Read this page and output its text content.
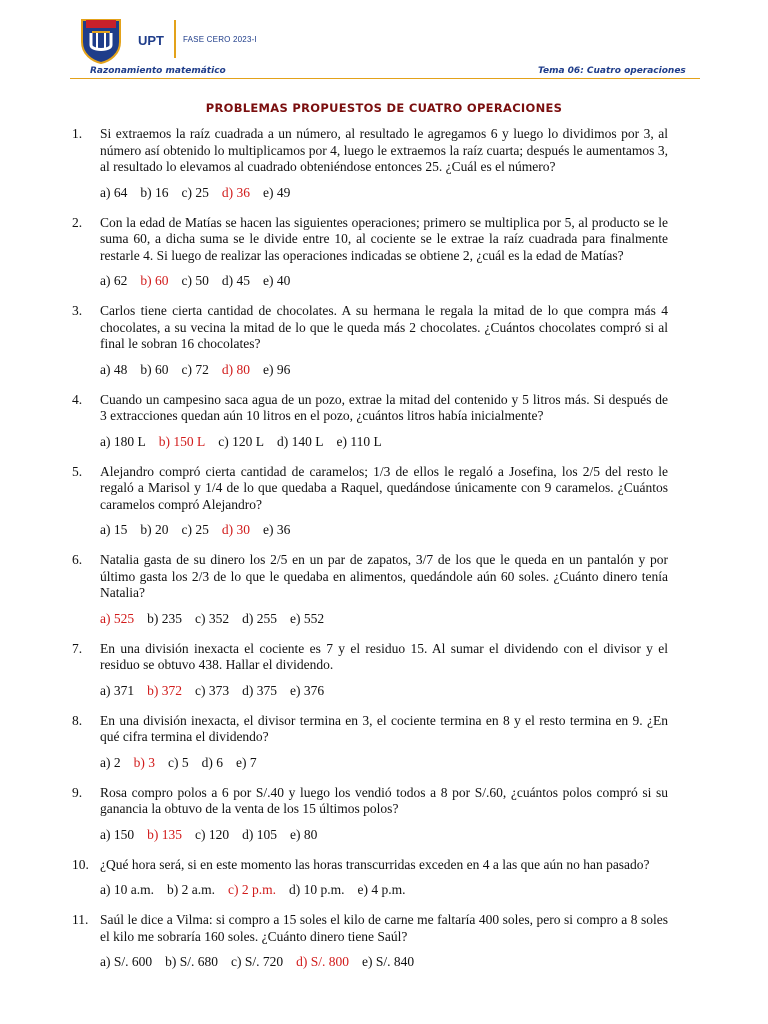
UPT FASE CERO 2023-I
Razonamiento matemático	Tema 06: Cuatro operaciones
PROBLEMAS PROPUESTOS DE CUATRO OPERACIONES
1. Si extraemos la raíz cuadrada a un número, al resultado le agregamos 6 y luego lo dividimos por 3, al número así obtenido lo multiplicamos por 4, luego le extraemos la raíz cuarta; después le aumentamos 3, al resultado lo elevamos al cuadrado obteniéndose entonces 25. ¿Cuál es el número?
a) 64 b) 16 c) 25 d) 36 e) 49
2. Con la edad de Matías se hacen las siguientes operaciones; primero se multiplica por 5, al producto se le suma 60, a dicha suma se le divide entre 10, al cociente se le extrae la raíz cuadrada para finalmente restarle 4. Si luego de realizar las operaciones indicadas se obtiene 2, ¿cuál es la edad de Matías?
a) 62 b) 60 c) 50 d) 45 e) 40
3. Carlos tiene cierta cantidad de chocolates. A su hermana le regala la mitad de lo que compra más 4 chocolates, a su vecina la mitad de lo que le queda más 2 chocolates. ¿Cuántos chocolates compró si al final le sobran 16 chocolates?
a) 48 b) 60 c) 72 d) 80 e) 96
4. Cuando un campesino saca agua de un pozo, extrae la mitad del contenido y 5 litros más. Si después de 3 extracciones quedan aún 10 litros en el pozo, ¿cuántos litros había inicialmente?
a) 180 L b) 150 L c) 120 L d) 140 L e) 110 L
5. Alejandro compró cierta cantidad de caramelos; 1/3 de ellos le regaló a Josefina, los 2/5 del resto le regaló a Marisol y 1/4 de lo que quedaba a Raquel, quedándose únicamente con 9 caramelos. ¿Cuántos caramelos compró Alejandro?
a) 15 b) 20 c) 25 d) 30 e) 36
6. Natalia gasta de su dinero los 2/5 en un par de zapatos, 3/7 de los que le queda en un pantalón y por último gasta los 2/3 de lo que le quedaba en alimentos, quedándole aún 60 soles. ¿Cuánto dinero tenía Natalia?
a) 525 b) 235 c) 352 d) 255 e) 552
7. En una división inexacta el cociente es 7 y el residuo 15. Al sumar el dividendo con el divisor y el residuo se obtuvo 438. Hallar el dividendo.
a) 371 b) 372 c) 373 d) 375 e) 376
8. En una división inexacta, el divisor termina en 3, el cociente termina en 8 y el resto termina en 9. ¿En qué cifra termina el dividendo?
a) 2 b) 3 c) 5 d) 6 e) 7
9. Rosa compro polos a 6 por S/.40 y luego los vendió todos a 8 por S/.60, ¿cuántos polos compró si su ganancia la obtuvo de la venta de los 15 últimos polos?
a) 150 b) 135 c) 120 d) 105 e) 80
10. ¿Qué hora será, si en este momento las horas transcurridas exceden en 4 a las que aún no han pasado?
a) 10 a.m. b) 2 a.m. c) 2 p.m. d) 10 p.m. e) 4 p.m.
11. Saúl le dice a Vilma: si compro a 15 soles el kilo de carne me faltaría 400 soles, pero si compro a 8 soles el kilo me sobraría 160 soles. ¿Cuánto dinero tiene Saúl?
a) S/. 600 b) S/. 680 c) S/. 720 d) S/. 800 e) S/. 840
